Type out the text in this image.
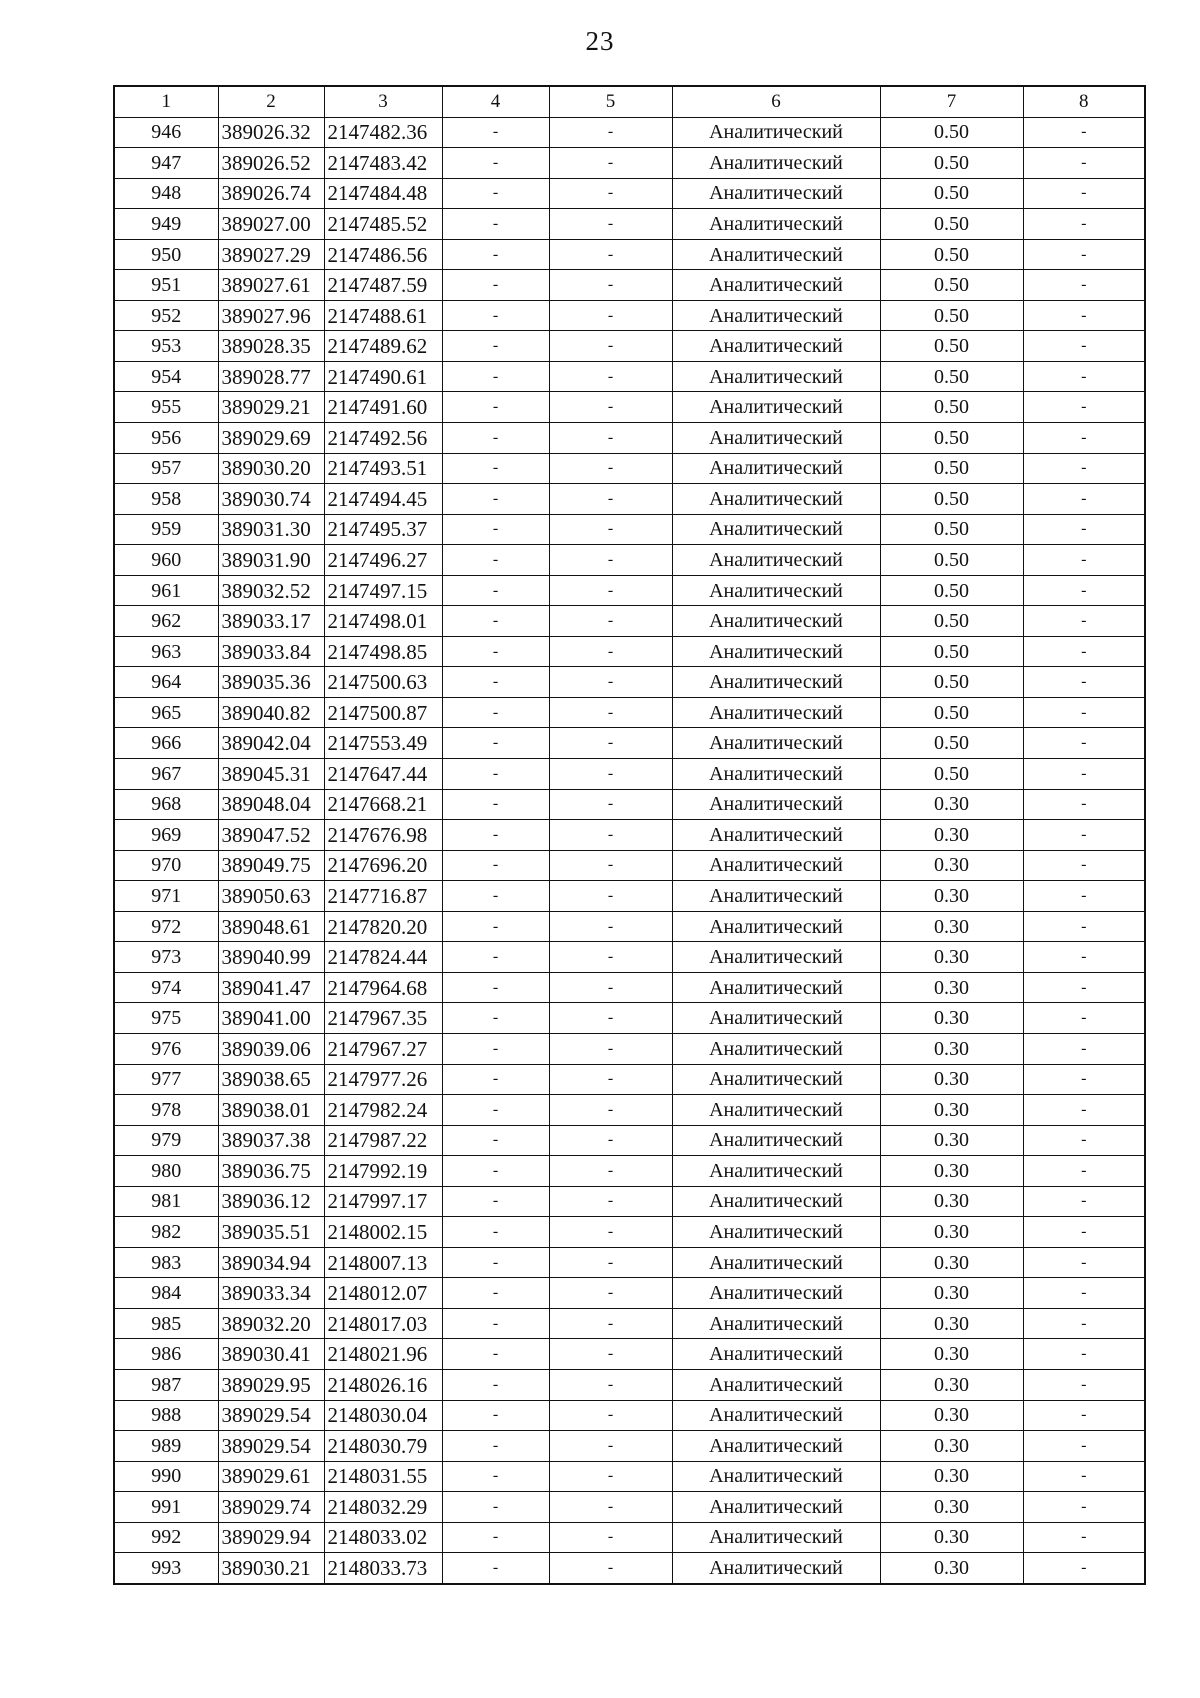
23
1	2	3	4	5	6	7	8
946	389026.32	2147482.36	-	-	Аналитический	0.50	-
947	389026.52	2147483.42	-	-	Аналитический	0.50	-
948	389026.74	2147484.48	-	-	Аналитический	0.50	-
949	389027.00	2147485.52	-	-	Аналитический	0.50	-
950	389027.29	2147486.56	-	-	Аналитический	0.50	-
951	389027.61	2147487.59	-	-	Аналитический	0.50	-
952	389027.96	2147488.61	-	-	Аналитический	0.50	-
953	389028.35	2147489.62	-	-	Аналитический	0.50	-
954	389028.77	2147490.61	-	-	Аналитический	0.50	-
955	389029.21	2147491.60	-	-	Аналитический	0.50	-
956	389029.69	2147492.56	-	-	Аналитический	0.50	-
957	389030.20	2147493.51	-	-	Аналитический	0.50	-
958	389030.74	2147494.45	-	-	Аналитический	0.50	-
959	389031.30	2147495.37	-	-	Аналитический	0.50	-
960	389031.90	2147496.27	-	-	Аналитический	0.50	-
961	389032.52	2147497.15	-	-	Аналитический	0.50	-
962	389033.17	2147498.01	-	-	Аналитический	0.50	-
963	389033.84	2147498.85	-	-	Аналитический	0.50	-
964	389035.36	2147500.63	-	-	Аналитический	0.50	-
965	389040.82	2147500.87	-	-	Аналитический	0.50	-
966	389042.04	2147553.49	-	-	Аналитический	0.50	-
967	389045.31	2147647.44	-	-	Аналитический	0.50	-
968	389048.04	2147668.21	-	-	Аналитический	0.30	-
969	389047.52	2147676.98	-	-	Аналитический	0.30	-
970	389049.75	2147696.20	-	-	Аналитический	0.30	-
971	389050.63	2147716.87	-	-	Аналитический	0.30	-
972	389048.61	2147820.20	-	-	Аналитический	0.30	-
973	389040.99	2147824.44	-	-	Аналитический	0.30	-
974	389041.47	2147964.68	-	-	Аналитический	0.30	-
975	389041.00	2147967.35	-	-	Аналитический	0.30	-
976	389039.06	2147967.27	-	-	Аналитический	0.30	-
977	389038.65	2147977.26	-	-	Аналитический	0.30	-
978	389038.01	2147982.24	-	-	Аналитический	0.30	-
979	389037.38	2147987.22	-	-	Аналитический	0.30	-
980	389036.75	2147992.19	-	-	Аналитический	0.30	-
981	389036.12	2147997.17	-	-	Аналитический	0.30	-
982	389035.51	2148002.15	-	-	Аналитический	0.30	-
983	389034.94	2148007.13	-	-	Аналитический	0.30	-
984	389033.34	2148012.07	-	-	Аналитический	0.30	-
985	389032.20	2148017.03	-	-	Аналитический	0.30	-
986	389030.41	2148021.96	-	-	Аналитический	0.30	-
987	389029.95	2148026.16	-	-	Аналитический	0.30	-
988	389029.54	2148030.04	-	-	Аналитический	0.30	-
989	389029.54	2148030.79	-	-	Аналитический	0.30	-
990	389029.61	2148031.55	-	-	Аналитический	0.30	-
991	389029.74	2148032.29	-	-	Аналитический	0.30	-
992	389029.94	2148033.02	-	-	Аналитический	0.30	-
993	389030.21	2148033.73	-	-	Аналитический	0.30	-
